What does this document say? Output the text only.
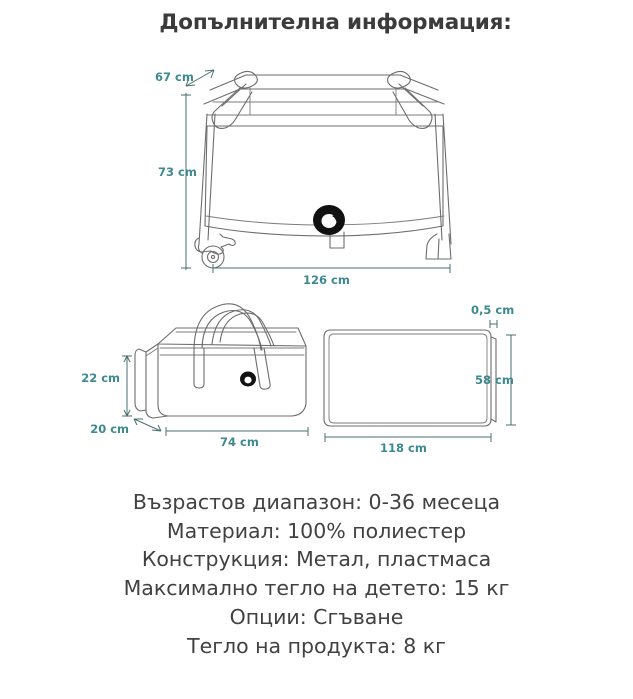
Допълнителна информация:
67 cm
73 cm
126 cm
22 cm
20 cm
74 cm
0,5 cm
58 cm
118 cm
Възрастов диапазон: 0-36 месеца
Материал: 100% полиестер
Конструкция: Метал, пластмаса
Максимално тегло на детето: 15 кг
Опции: Сгъване
Тегло на продукта: 8 кг
